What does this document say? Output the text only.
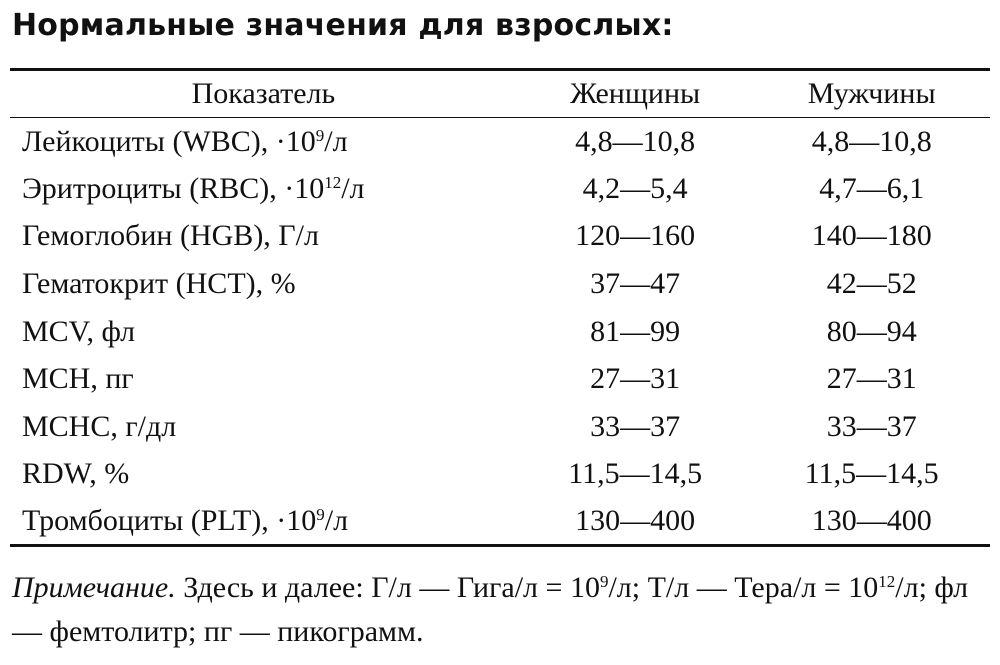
Нормальные значения для взрослых:
Показатель	Женщины	Мужчины
Лейкоциты (WBC), $\cdot 10^9/л$	4,8—10,8	4,8—10,8
Эритроциты (RBC), $\cdot 10^{12}/л$	4,2—5,4	4,7—6,1
Гемоглобин (HGB), Г/л	120—160	140—180
Гематокрит (HCT), %	37—47	42—52
MCV, фл	81—99	80—94
MCH, пг	27—31	27—31
MCHC, г/дл	33—37	33—37
RDW, %	11,5—14,5	11,5—14,5
Тромбоциты (PLT), $\cdot 10^9/л$	130—400	130—400
Примечание. Здесь и далее: Г/л — Гига/л = $10^9/л$; Т/л — Тера/л = $10^{12}/л$; фл — фемтолитр; пг — пикограмм.
